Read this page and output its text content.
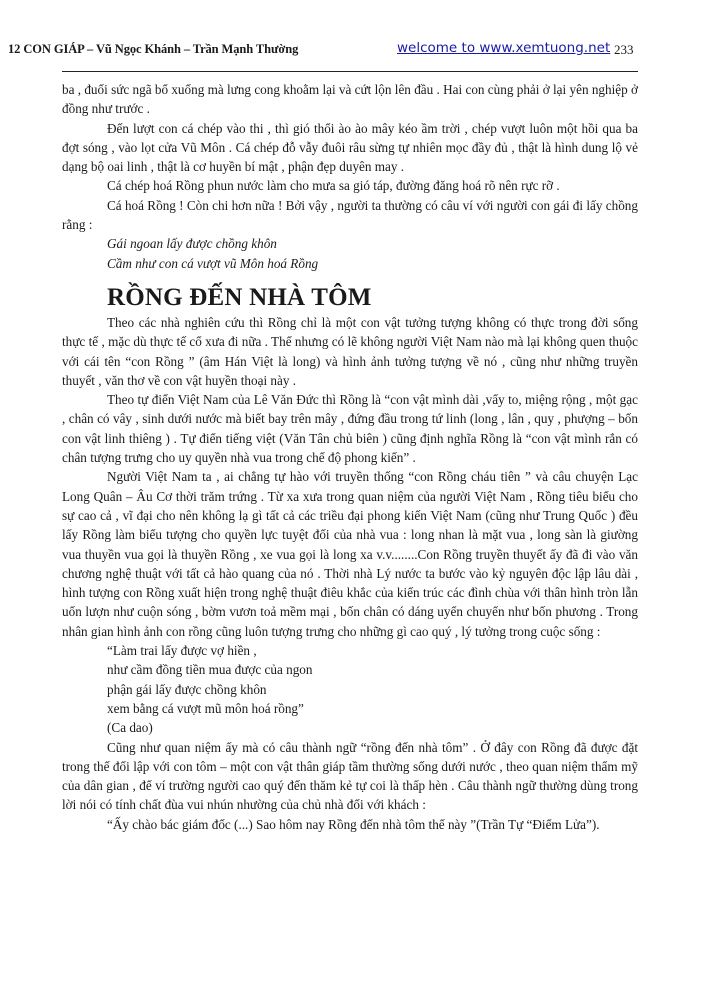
12 CON GIÁP – Vũ Ngọc Khánh – Trần Mạnh Thường	welcome to www.xemtuong.net 233

ba , đuối sức ngã bổ xuống mà lưng cong khoằm lại và cứt lộn lên đầu . Hai con cùng phải ở lại yên nghiệp ở đồng như trước .

Đến lượt con cá chép vào thi , thì gió thổi ào ào mây kéo ầm trời , chép vượt luôn một hồi qua ba đợt sóng , vào lọt cửa Vũ Môn . Cá chép đỗ vẫy đuôi râu sừng tự nhiên mọc đầy đủ , thật là hình dung lộ vẻ dạng bộ oai linh , thật là cơ huyền bí mật , phận đẹp duyên may .

Cá chép hoá Rồng phun nước làm cho mưa sa gió táp, đường đăng hoá rõ nên rực rỡ .

Cá hoá Rồng ! Còn chi hơn nữa ! Bởi vậy , người ta thường có câu ví với người con gái đi lấy chồng rằng :

Gái ngoan lấy được chồng khôn
Cầm như con cá vượt vũ Môn hoá Rồng
RỒNG ĐẾN NHÀ TÔM

Theo các nhà nghiên cứu thì Rồng chỉ là một con vật tưởng tượng không có thực trong đời sống thực tế , mặc dù thực tế cổ xưa đi nữa . Thế nhưng có lẽ không người Việt Nam nào mà lại không quen thuộc với cái tên “con Rồng ” (âm Hán Việt là long) và hình ảnh tưởng tượng về nó , cũng như những truyền thuyết , văn thơ về con vật huyền thoại này .

Theo tự điển Việt Nam của Lê Văn Đức thì Rồng là “con vật mình dài ,vẩy to, miệng rộng , một gạc , chân có vây , sinh dưới nước mà biết bay trên mây , đứng đầu trong tứ linh (long , lân , quy , phượng – bốn con vật linh thiêng ) . Tự điển tiếng việt (Văn Tân chủ biên ) cũng định nghĩa Rồng là “con vật mình rắn có chân tượng trưng cho uy quyền nhà vua trong chế độ phong kiến” .

Người Việt Nam ta , ai chẳng tự hào với truyền thống “con Rồng cháu tiên ” và câu chuyện Lạc Long Quân – Âu Cơ thời trăm trứng . Từ xa xưa trong quan niệm của người Việt Nam , Rồng tiêu biểu cho sự cao cả , vĩ đại cho nên không lạ gì tất cả các triều đại phong kiến Việt Nam (cũng như Trung Quốc ) đều lấy Rồng làm biểu tượng cho quyền lực tuyệt đối của nhà vua : long nhan là mặt vua , long sàn là giường vua thuyền vua gọi là thuyền Rồng , xe vua gọi là long xa v.v........Con Rồng truyền thuyết ấy đã đi vào văn chương nghệ thuật với tất cả hào quang của nó . Thời nhà Lý nước ta bước vào kỷ nguyên độc lập lâu dài , hình tượng con Rồng xuất hiện trong nghệ thuật điêu khắc của kiến trúc các đình chùa với thân hình tròn lẵn uốn lượn như cuộn sóng , bờm vươn toả mềm mại , bốn chân có dáng uyển chuyển như bốn phương . Trong nhân gian hình ảnh con rồng cũng luôn tượng trưng cho những gì cao quý , lý tưởng trong cuộc sống :

“Làm trai lấy được vợ hiền ,
như cầm đồng tiền mua được của ngon
phận gái lấy được chồng khôn
xem bằng cá vượt mũ môn hoá rồng”
(Ca dao)

Cũng như quan niệm ấy mà có câu thành ngữ “rồng đến nhà tôm” . Ở đây con Rồng đã được đặt trong thế đối lập với con tôm – một con vật thân giáp tầm thường sống dưới nước , theo quan niệm thẩm mỹ của dân gian , để ví trường người cao quý đến thăm kẻ tự coi là thấp hèn . Câu thành ngữ thường dùng trong lời nói có tính chất đùa vui nhún nhường của chủ nhà đối với khách :

“Ấy chào bác giám đốc (...) Sao hôm nay Rồng đến nhà tôm thế này ”(Trần Tự “Điểm Lửa”).
